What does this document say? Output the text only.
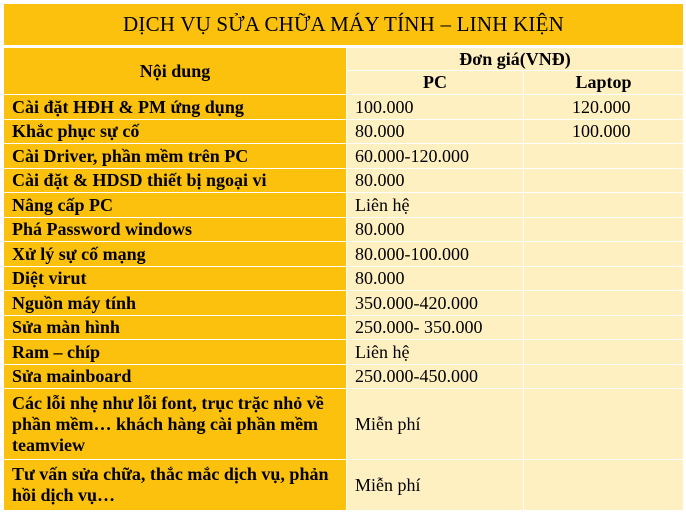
DỊCH VỤ SỬA CHỮA MÁY TÍNH – LINH KIỆN		
Nội dung	Đơn giá(VNĐ)	
	PC	Laptop
Cài đặt HĐH & PM ứng dụng	100.000	120.000
Khắc phục sự cố	80.000	100.000
Cài Driver, phần mềm trên PC	60.000-120.000	
Cài đặt & HDSD thiết bị ngoại vi	80.000	
Nâng cấp PC	Liên hệ	
Phá Password windows	80.000	
Xử lý sự cố mạng	80.000-100.000	
Diệt virut	80.000	
Nguồn máy tính	350.000-420.000	
Sửa màn hình	250.000- 350.000	
Ram – chíp	Liên hệ	
Sửa mainboard	250.000-450.000	
Các lỗi nhẹ như lỗi font, trục trặc nhỏ về phần mềm… khách hàng cài phần mềm teamview	Miễn phí	
Tư vấn sửa chữa, thắc mắc dịch vụ, phản hồi dịch vụ…	Miễn phí	
